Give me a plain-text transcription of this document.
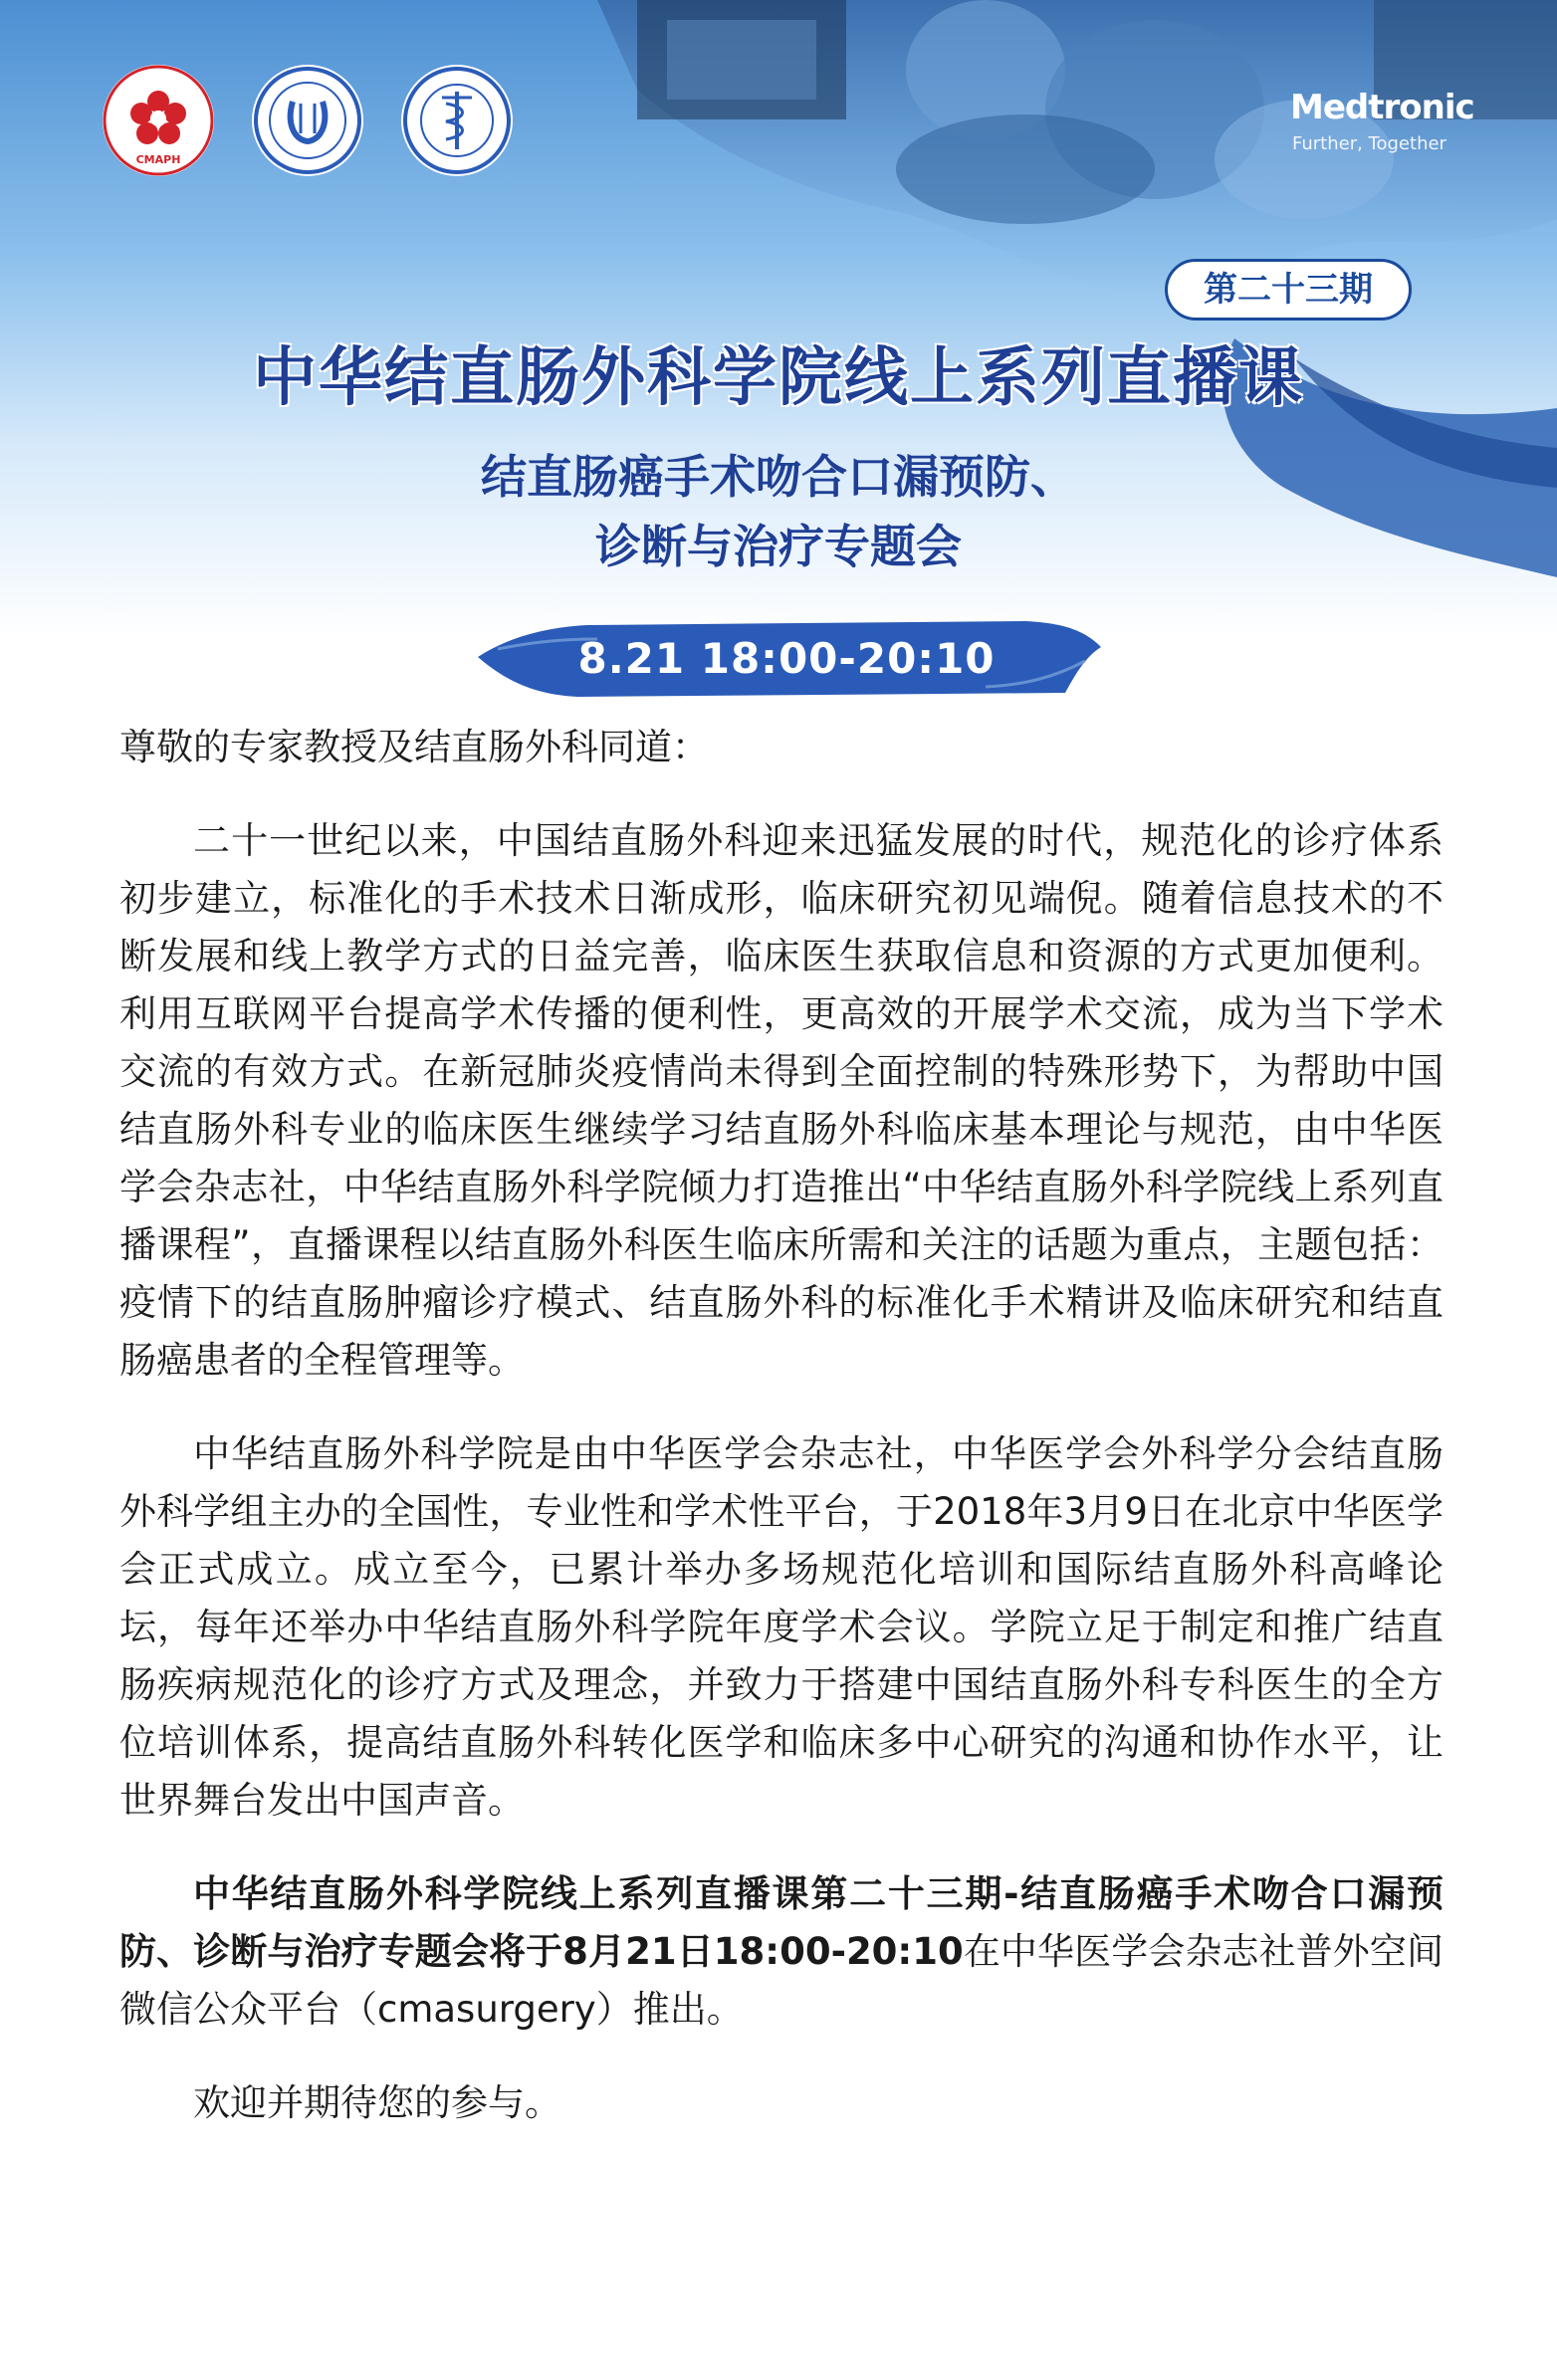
CMAPH
Medtronic
Further, Together
第二十三期
中华结直肠外科学院线上系列直播课
结直肠癌手术吻合口漏预防、
诊断与治疗专题会
8.21 18:00-20:10

尊敬的专家教授及结直肠外科同道：

二十一世纪以来，中国结直肠外科迎来迅猛发展的时代，规范化的诊疗体系初步建立，标准化的手术技术日渐成形，临床研究初见端倪。随着信息技术的不断发展和线上教学方式的日益完善，临床医生获取信息和资源的方式更加便利。利用互联网平台提高学术传播的便利性，更高效的开展学术交流，成为当下学术交流的有效方式。在新冠肺炎疫情尚未得到全面控制的特殊形势下，为帮助中国结直肠外科专业的临床医生继续学习结直肠外科临床基本理论与规范，由中华医学会杂志社，中华结直肠外科学院倾力打造推出“中华结直肠外科学院线上系列直播课程”，直播课程以结直肠外科医生临床所需和关注的话题为重点，主题包括：疫情下的结直肠肿瘤诊疗模式、结直肠外科的标准化手术精讲及临床研究和结直肠癌患者的全程管理等。

中华结直肠外科学院是由中华医学会杂志社，中华医学会外科学分会结直肠外科学组主办的全国性，专业性和学术性平台，于2018年3月9日在北京中华医学会正式成立。成立至今，已累计举办多场规范化培训和国际结直肠外科高峰论坛，每年还举办中华结直肠外科学院年度学术会议。学院立足于制定和推广结直肠疾病规范化的诊疗方式及理念，并致力于搭建中国结直肠外科专科医生的全方位培训体系，提高结直肠外科转化医学和临床多中心研究的沟通和协作水平，让世界舞台发出中国声音。

中华结直肠外科学院线上系列直播课第二十三期-结直肠癌手术吻合口漏预防、诊断与治疗专题会将于8月21日18:00-20:10在中华医学会杂志社普外空间微信公众平台（cmasurgery）推出。

欢迎并期待您的参与。
